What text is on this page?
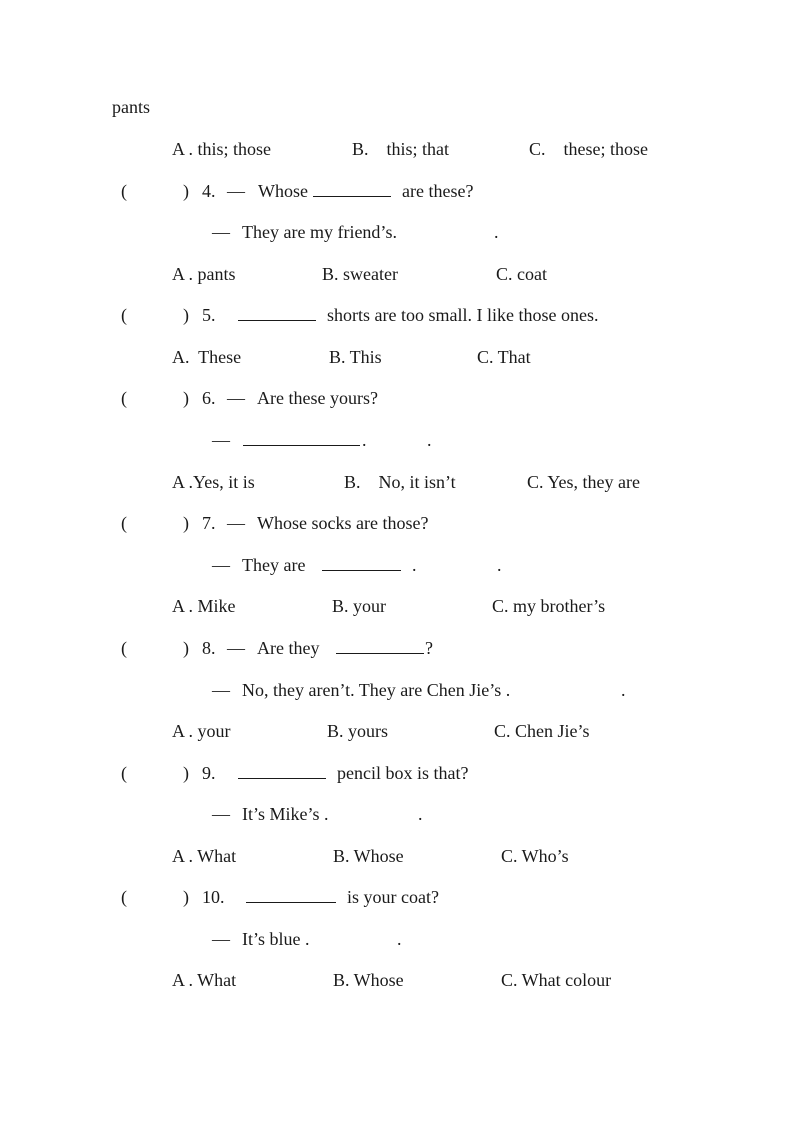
pants
A . this; those	B.    this; that	C.    these; those
(	) 4. — Whose	are these?
— They are my friend’s.	.
A . pants	B. sweater	C. coat
(	) 5.	shorts are too small. I like those ones.
A.  These	B. This	C. That
(	) 6. — Are these yours?
—	.	.
A .Yes, it is	B.    No, it isn’t	C. Yes, they are
(	) 7. — Whose socks are those?
— They are	.	.
A . Mike	B. your	C. my brother’s
(	) 8. — Are they	?
— No, they aren’t. They are Chen Jie’s .	.
A . your	B. yours	C. Chen Jie’s
(	) 9.	pencil box is that?
— It’s Mike’s .	.
A . What	B. Whose	C. Who’s
(	) 10.	is your coat?
— It’s blue .	.
A . What	B. Whose	C. What colour
